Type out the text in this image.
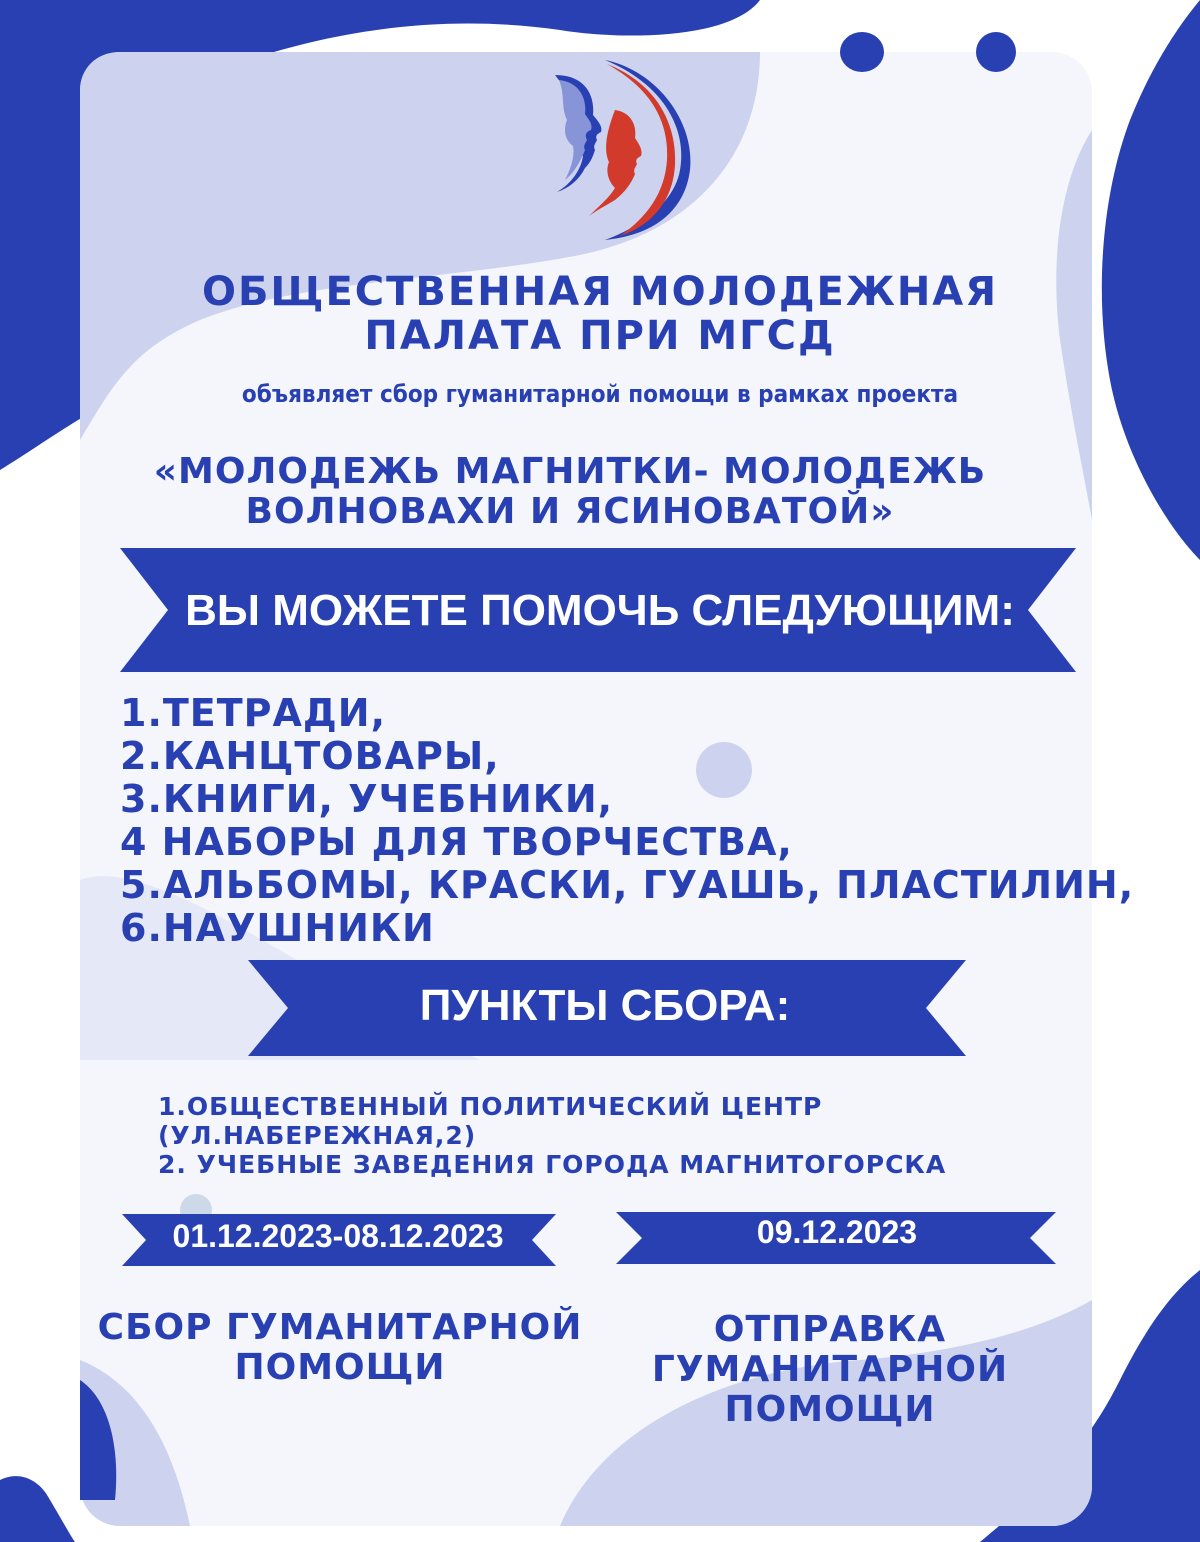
ОБЩЕСТВЕННАЯ МОЛОДЕЖНАЯ
ПАЛАТА ПРИ МГСД
объявляет сбор гуманитарной помощи в рамках проекта
«МОЛОДЕЖЬ МАГНИТКИ- МОЛОДЕЖЬ
ВОЛНОВАХИ И ЯСИНОВАТОЙ»
ВЫ МОЖЕТЕ ПОМОЧЬ СЛЕДУЮЩИМ:
1.ТЕТРАДИ,
2.КАНЦТОВАРЫ,
3.КНИГИ, УЧЕБНИКИ,
4 НАБОРЫ ДЛЯ ТВОРЧЕСТВА,
5.АЛЬБОМЫ, КРАСКИ, ГУАШЬ, ПЛАСТИЛИН,
6.НАУШНИКИ
ПУНКТЫ СБОРА:
1.ОБЩЕСТВЕННЫЙ ПОЛИТИЧЕСКИЙ ЦЕНТР
(УЛ.НАБЕРЕЖНАЯ,2)
2. УЧЕБНЫЕ ЗАВЕДЕНИЯ ГОРОДА МАГНИТОГОРСКА
01.12.2023-08.12.2023	09.12.2023
СБОР ГУМАНИТАРНОЙ
ПОМОЩИ
ОТПРАВКА
ГУМАНИТАРНОЙ
ПОМОЩИ
